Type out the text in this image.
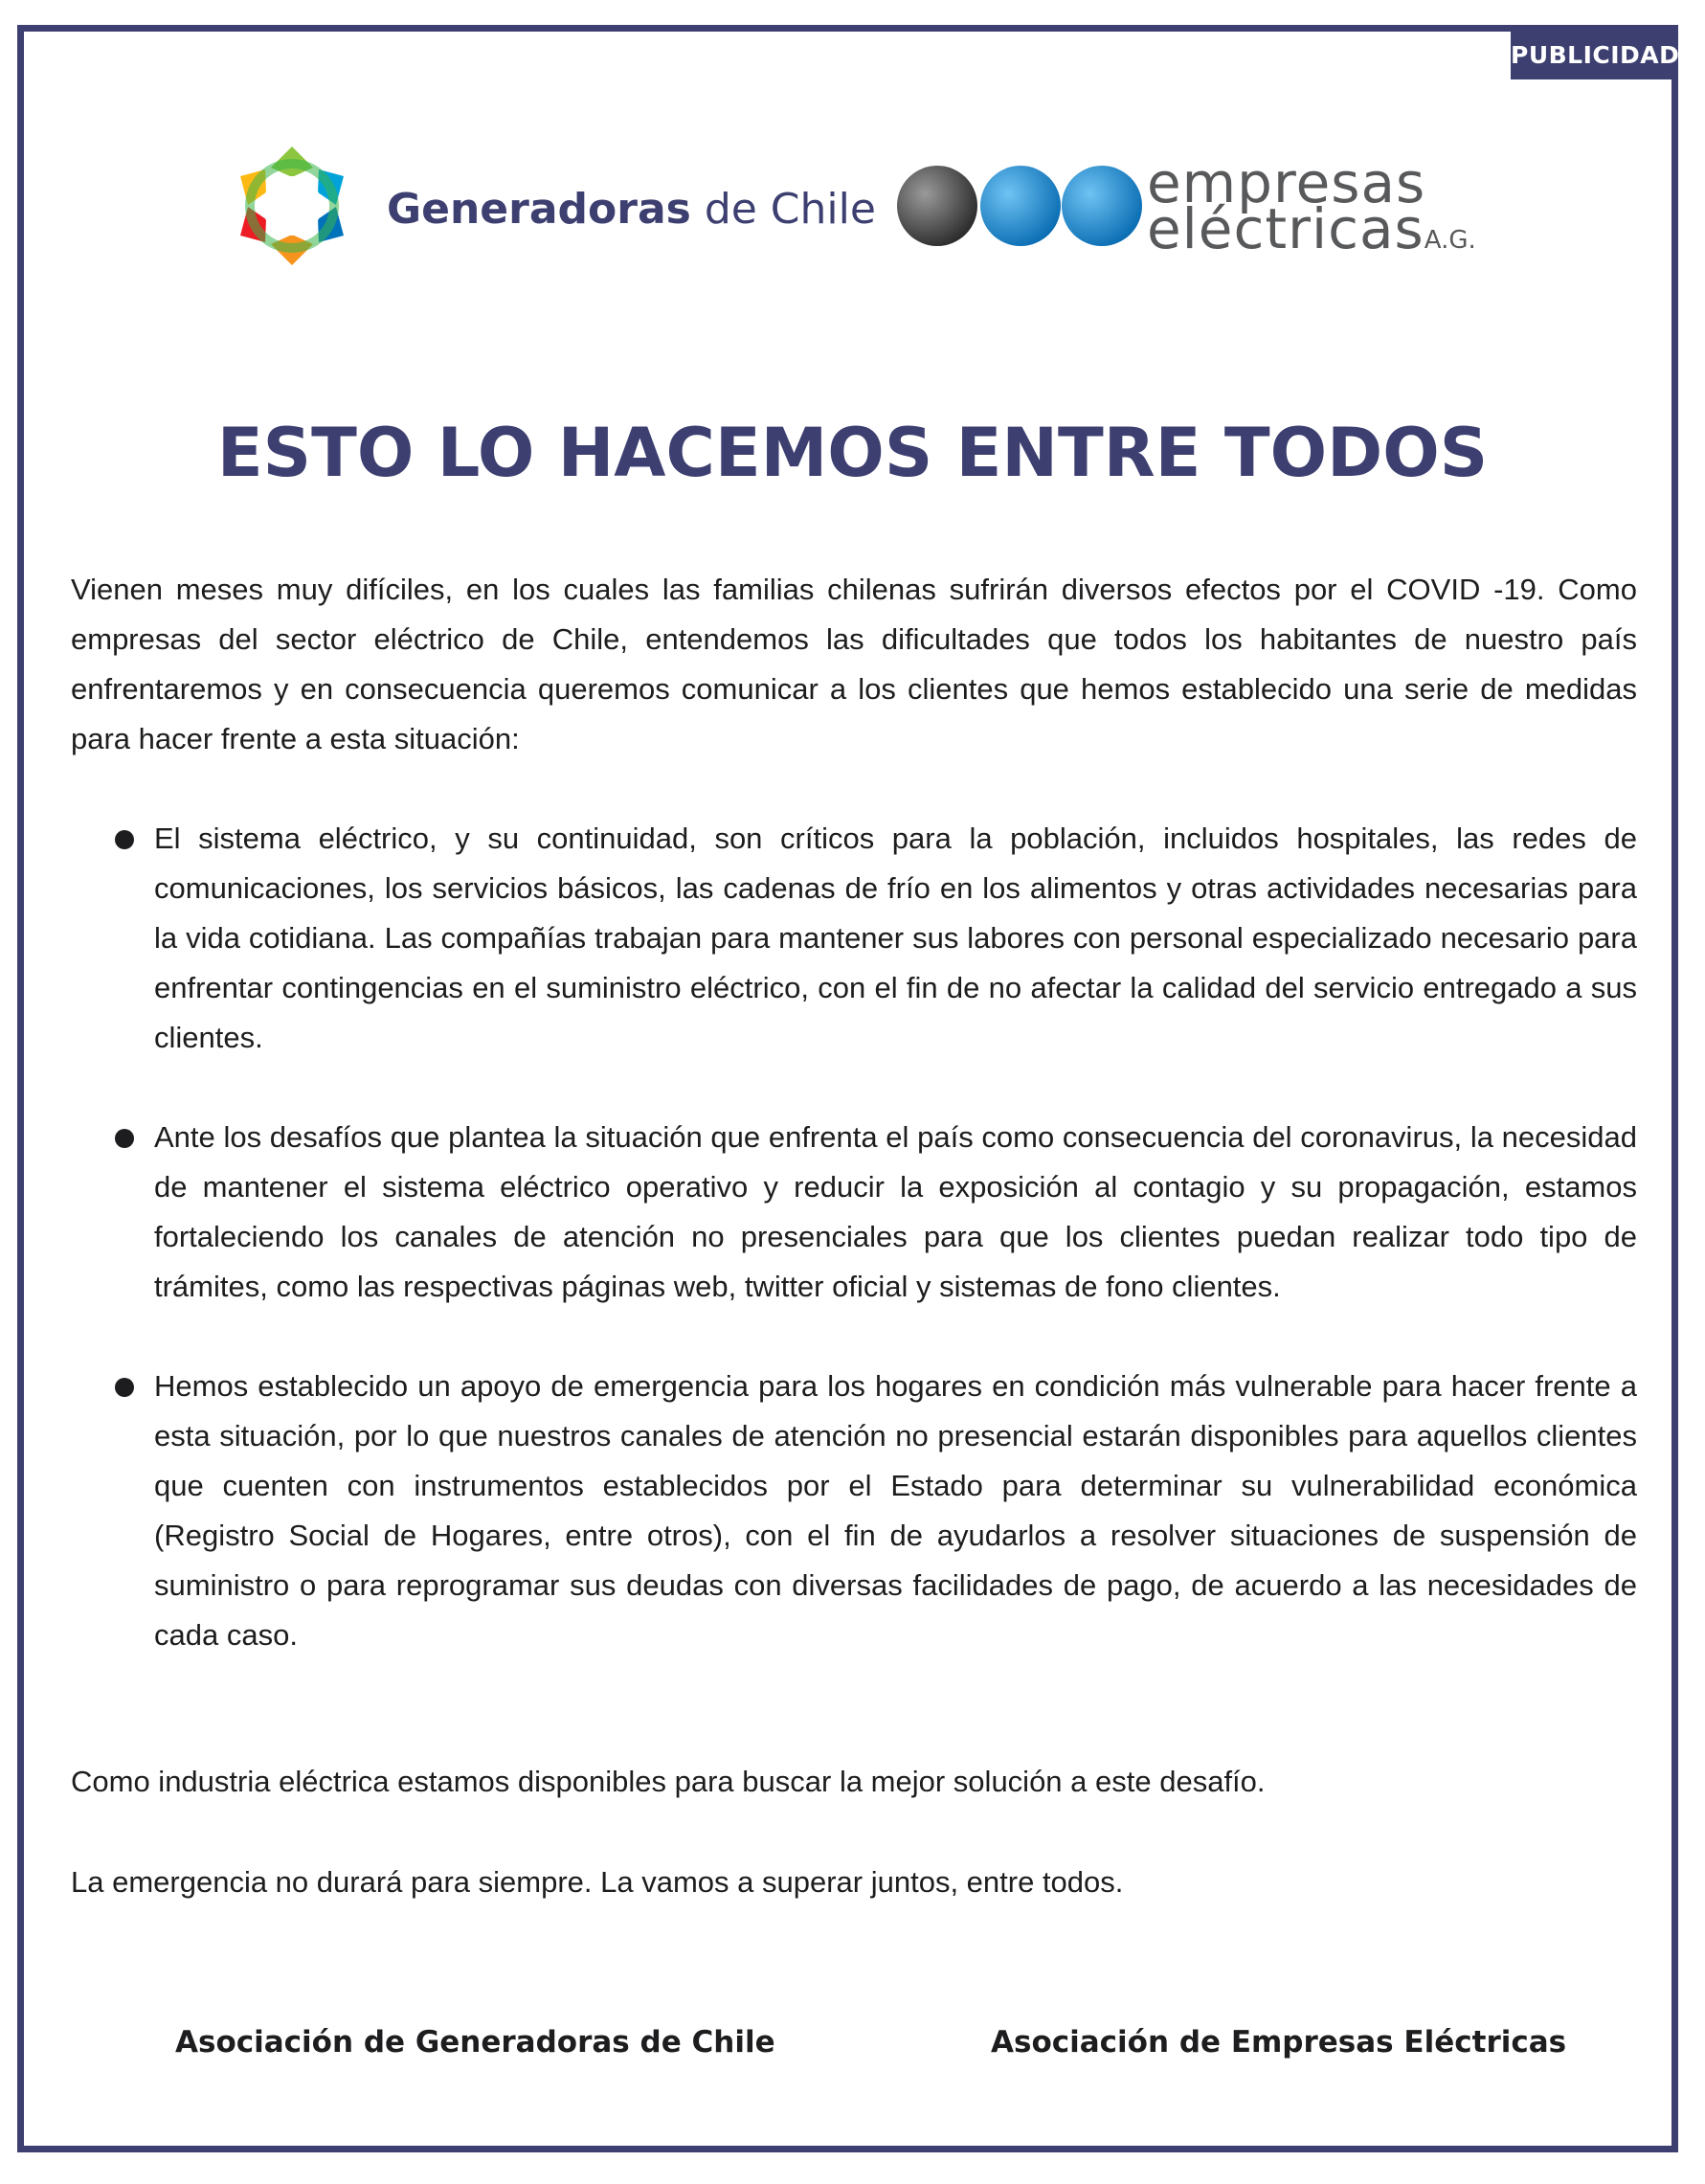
PUBLICIDAD
Generadoras de Chile	empresas
eléctricasA.G.
ESTO LO HACEMOS ENTRE TODOS
Vienen meses muy difíciles, en los cuales las familias chilenas sufrirán diversos efectos por el COVID -19. Como empresas del sector eléctrico de Chile, entendemos las dificultades que todos los habitantes de nuestro país enfrentaremos y en consecuencia queremos comunicar a los clientes que hemos establecido una serie de medidas para hacer frente a esta situación:
El sistema eléctrico, y su continuidad, son críticos para la población, incluidos hospitales, las redes de comunicaciones, los servicios básicos, las cadenas de frío en los alimentos y otras actividades necesarias para la vida cotidiana. Las compañías trabajan para mantener sus labores con personal especializado necesario para enfrentar contingencias en el suministro eléctrico, con el fin de no afectar la calidad del servicio entregado a sus clientes.
Ante los desafíos que plantea la situación que enfrenta el país como consecuencia del coronavirus, la necesidad de mantener el sistema eléctrico operativo y reducir la exposición al contagio y su propagación, estamos fortaleciendo los canales de atención no presenciales para que los clientes puedan realizar todo tipo de trámites, como las respectivas páginas web, twitter oficial y sistemas de fono clientes.
Hemos establecido un apoyo de emergencia para los hogares en condición más vulnerable para hacer frente a esta situación, por lo que nuestros canales de atención no presencial estarán disponibles para aquellos clientes que cuenten con instrumentos establecidos por el Estado para determinar su vulnerabilidad económica (Registro Social de Hogares, entre otros), con el fin de ayudarlos a resolver situaciones de suspensión de suministro o para reprogramar sus deudas con diversas facilidades de pago, de acuerdo a las necesidades de cada caso.
Como industria eléctrica estamos disponibles para buscar la mejor solución a este desafío.
La emergencia no durará para siempre. La vamos a superar juntos, entre todos.
Asociación de Generadoras de Chile	Asociación de Empresas Eléctricas
